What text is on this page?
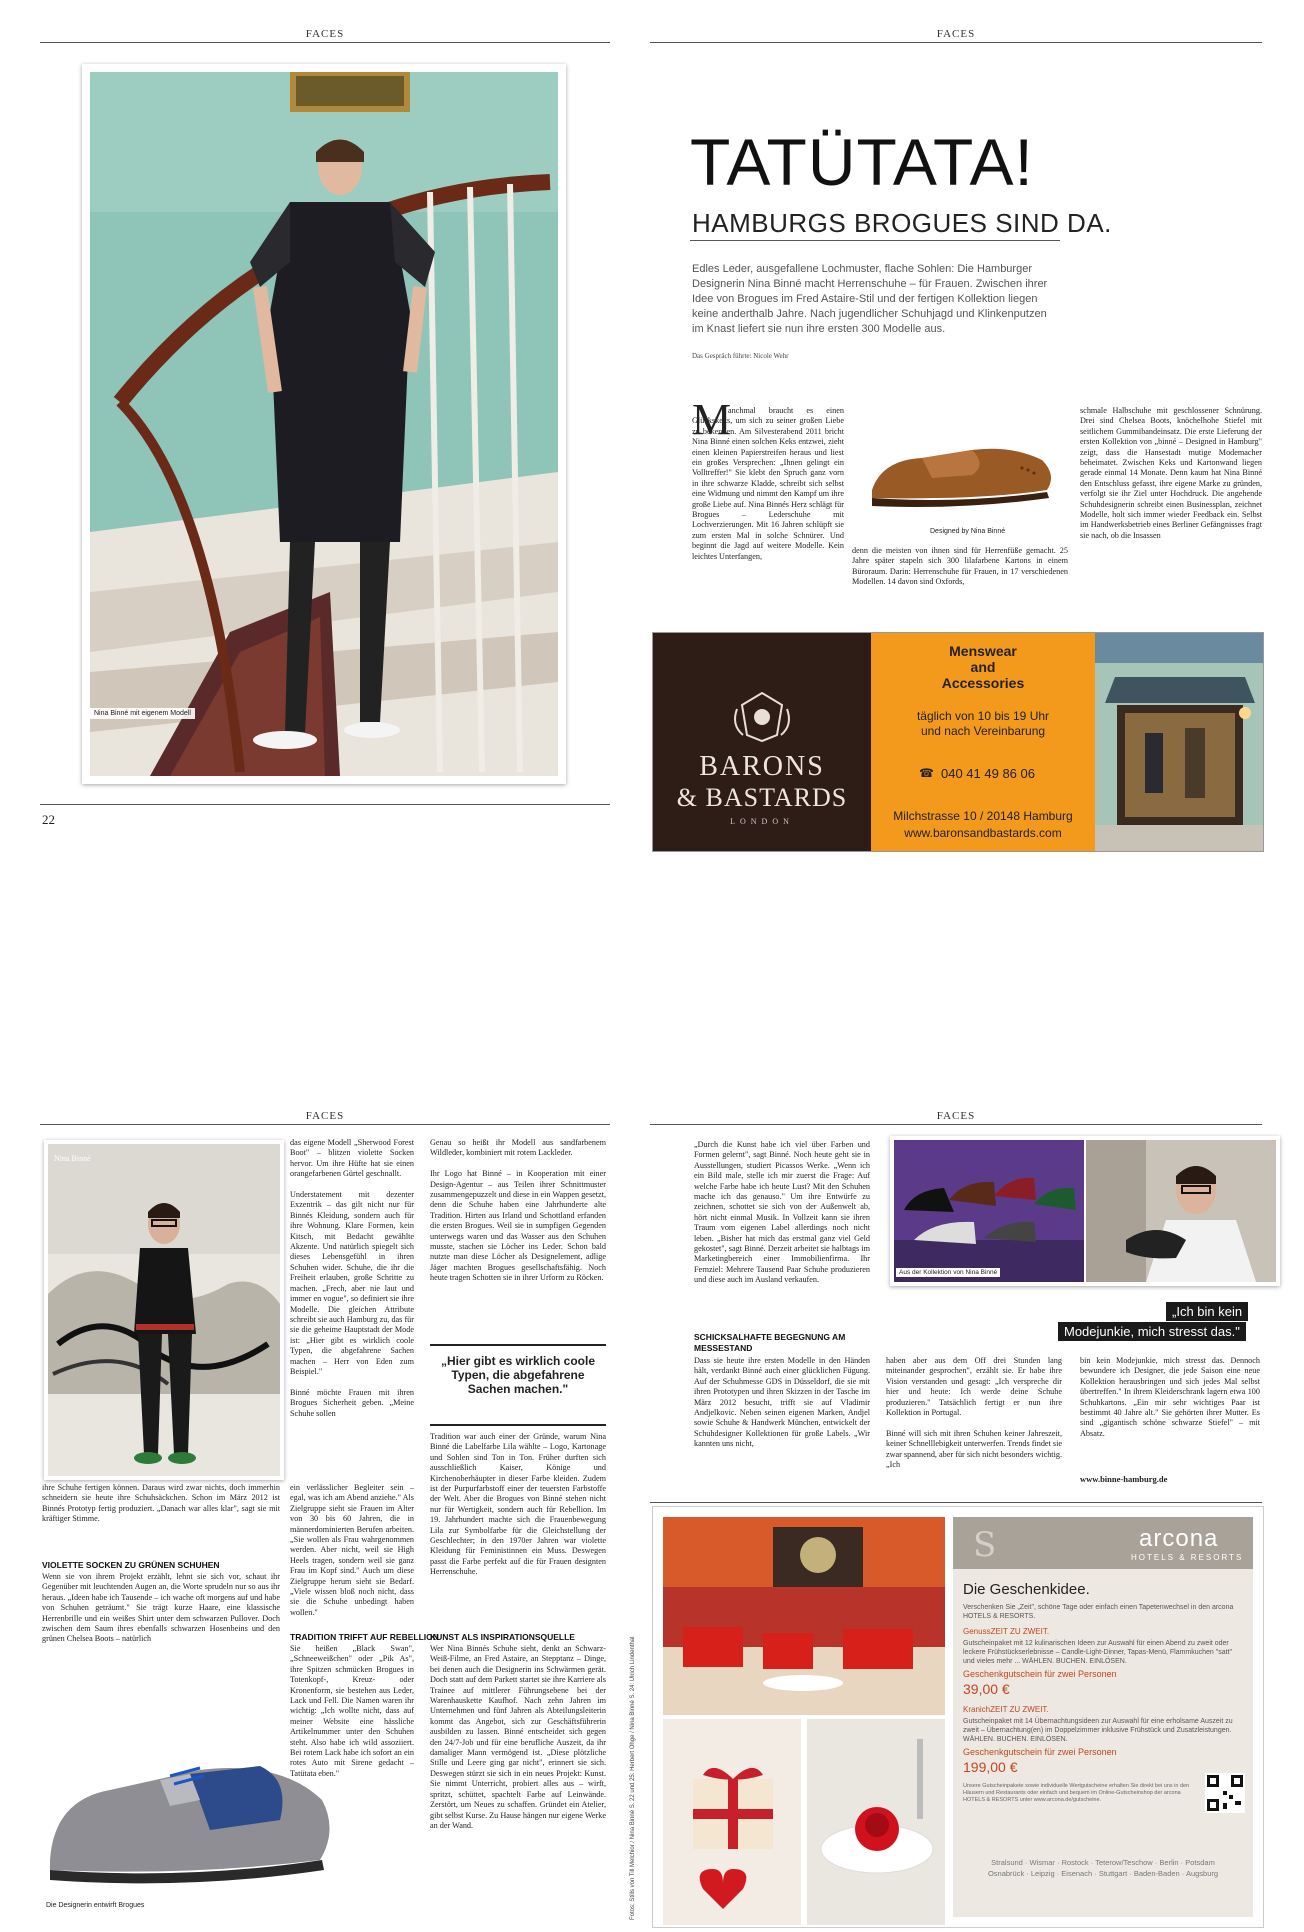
FACES
Nina Binné mit eigenem Modell
22
FACES
TATÜTATA!
HAMBURGS BROGUES SIND DA.
Edles Leder, ausgefallene Lochmuster, flache Sohlen: Die Hamburger Designerin Nina Binné macht Herrenschuhe – für Frauen. Zwischen ihrer Idee von Brogues im Fred Astaire-Stil und der fertigen Kollektion liegen keine anderthalb Jahre. Nach jugendlicher Schuhjagd und Klinkenputzen im Knast liefert sie nun ihre ersten 300 Modelle aus.
Das Gespräch führte: Nicole Wehr
M
anchmal braucht es einen Glückskeks, um sich zu seiner großen Liebe zu bekennen. Am Silvesterabend 2011 bricht Nina Binné einen solchen Keks entzwei, zieht einen kleinen Papierstreifen heraus und liest ein großes Versprechen: „Ihnen gelingt ein Volltreffer!" Sie klebt den Spruch ganz vorn in ihre schwarze Kladde, schreibt sich selbst eine Widmung und nimmt den Kampf um ihre große Liebe auf. Nina Binnés Herz schlägt für Brogues – Lederschuhe mit Lochverzierungen. Mit 16 Jahren schlüpft sie zum ersten Mal in solche Schnürer. Und beginnt die Jagd auf weitere Modelle. Kein leichtes Unterfangen,
Designed by Nina Binné
denn die meisten von ihnen sind für Herrenfüße gemacht. 25 Jahre später stapeln sich 300 lilafarbene Kartons in einem Büroraum. Darin: Herrenschuhe für Frauen, in 17 verschiedenen Modellen. 14 davon sind Oxfords,
schmale Halbschuhe mit geschlossener Schnürung. Drei sind Chelsea Boots, knöchelhohe Stiefel mit seitlichem Gummibandeinsatz. Die erste Lieferung der ersten Kollektion von „binné – Designed in Hamburg" zeigt, dass die Hansestadt mutige Modemacher beheimatet. Zwischen Keks und Kartonwand liegen gerade einmal 14 Monate. Denn kaum hat Nina Binné den Entschluss gefasst, ihre eigene Marke zu gründen, verfolgt sie ihr Ziel unter Hochdruck. Die angehende Schuhdesignerin schreibt einen Businessplan, zeichnet Modelle, holt sich immer wieder Feedback ein. Selbst im Handwerksbetrieb eines Berliner Gefängnisses fragt sie nach, ob die Insassen
BARONS
& BASTARDS
LONDON
Menswear
and
Accessories
täglich von 10 bis 19 Uhr
und nach Vereinbarung
☎ 040 41 49 86 06
Milchstrasse 10 / 20148 Hamburg
www.baronsandbastards.com
FACES
Nina Binné
das eigene Modell „Sherwood Forest Boot" – blitzen violette Socken hervor. Um ihre Hüfte hat sie einen orangefarbenen Gürtel geschnallt.

Understatement mit dezenter Exzentrik – das gilt nicht nur für Binnés Kleidung, sondern auch für ihre Wohnung. Klare Formen, kein Kitsch, mit Bedacht gewählte Akzente. Und natürlich spiegelt sich dieses Lebensgefühl in ihren Schuhen wider. Schuhe, die ihr die Freiheit erlauben, große Schritte zu machen. „Frech, aber nie laut und immer en vogue", so definiert sie ihre Modelle. Die gleichen Attribute schreibt sie auch Hamburg zu, das für sie die geheime Hauptstadt der Mode ist: „Hier gibt es wirklich coole Typen, die abgefahrene Sachen machen – Herr von Eden zum Beispiel."

Binné möchte Frauen mit ihren Brogues Sicherheit geben. „Meine Schuhe sollen
ihre Schuhe fertigen können. Daraus wird zwar nichts, doch immerhin schneidern sie heute ihre Schuhsäckchen. Schon im März 2012 ist Binnés Prototyp fertig produziert. „Danach war alles klar", sagt sie mit kräftiger Stimme.
VIOLETTE SOCKEN ZU GRÜNEN SCHUHEN
Wenn sie von ihrem Projekt erzählt, lehnt sie sich vor, schaut ihr Gegenüber mit leuchtenden Augen an, die Worte sprudeln nur so aus ihr heraus. „Ideen habe ich Tausende – ich wache oft morgens auf und habe von Schuhen geträumt." Sie trägt kurze Haare, eine klassische Herrenbrille und ein weißes Shirt unter dem schwarzen Pullover. Doch zwischen dem Saum ihres ebenfalls schwarzen Hosenbeins und den grünen Chelsea Boots – natürlich
ein verlässlicher Begleiter sein – egal, was ich am Abend anziehe." Als Zielgruppe sieht sie Frauen im Alter von 30 bis 60 Jahren, die in männerdominierten Berufen arbeiten. „Sie wollen als Frau wahrgenommen werden. Aber nicht, weil sie High Heels tragen, sondern weil sie ganz Frau im Kopf sind." Auch um diese Zielgruppe herum sieht sie Bedarf. „Viele wissen bloß noch nicht, dass sie die Schuhe unbedingt haben wollen."
TRADITION TRIFFT AUF REBELLION
Sie heißen „Black Swan", „Schneeweißchen" oder „Pik As", ihre Spitzen schmücken Brogues in Totenkopf-, Kreuz- oder Kronenform, sie bestehen aus Leder, Lack und Fell. Die Namen waren ihr wichtig: „Ich wollte nicht, dass auf meiner Website eine hässliche Artikelnummer unter den Schuhen steht. Also habe ich wild assoziiert. Bei rotem Lack habe ich sofort an ein rotes Auto mit Sirene gedacht – Tatütata eben."
Die Designerin entwirft Brogues
Genau so heißt ihr Modell aus sandfarbenem Wildleder, kombiniert mit rotem Lackleder.

Ihr Logo hat Binné – in Kooperation mit einer Design-Agentur – aus Teilen ihrer Schnittmuster zusammengepuzzelt und diese in ein Wappen gesetzt, denn die Schuhe haben eine Jahrhunderte alte Tradition. Hirten aus Irland und Schottland erfanden die ersten Brogues. Weil sie in sumpfigen Gegenden unterwegs waren und das Wasser aus den Schuhen musste, stachen sie Löcher ins Leder. Schon bald nutzte man diese Löcher als Designelement, adlige Jäger machten Brogues gesellschaftsfähig. Noch heute tragen Schotten sie in ihrer Urform zu Röcken.
„Hier gibt es wirklich coole Typen, die abgefahrene Sachen machen."
Tradition war auch einer der Gründe, warum Nina Binné die Labelfarbe Lila wählte – Logo, Kartonage und Sohlen sind Ton in Ton. Früher durften sich ausschließlich Kaiser, Könige und Kirchenoberhäupter in dieser Farbe kleiden. Zudem ist der Purpurfarbstoff einer der teuersten Farbstoffe der Welt. Aber die Brogues von Binné stehen nicht nur für Wertigkeit, sondern auch für Rebellion. Im 19. Jahrhundert machte sich die Frauenbewegung Lila zur Symbolfarbe für die Gleichstellung der Geschlechter; in den 1970er Jahren war violette Kleidung für Feministinnen ein Muss. Deswegen passt die Farbe perfekt auf die für Frauen designten Herrenschuhe.
KUNST ALS INSPIRATIONSQUELLE
Wer Nina Binnés Schuhe sieht, denkt an Schwarz-Weiß-Filme, an Fred Astaire, an Stepptanz – Dinge, bei denen auch die Designerin ins Schwärmen gerät. Doch statt auf dem Parkett startet sie ihre Karriere als Trainee auf mittlerer Führungsebene bei der Warenhauskette Kaufhof. Nach zehn Jahren im Unternehmen und fünf Jahren als Abteilungsleiterin kommt das Angebot, sich zur Geschäftsführerin ausbilden zu lassen. Binné entscheidet sich gegen den 24/7-Job und für eine berufliche Auszeit, da ihr damaliger Mann vermögend ist. „Diese plötzliche Stille und Leere ging gar nicht", erinnert sie sich. Deswegen stürzt sie sich in ein neues Projekt: Kunst. Sie nimmt Unterricht, probiert alles aus – wirft, spritzt, schüttet, spachtelt Farbe auf Leinwände. Zerstört, um Neues zu schaffen. Gründet ein Atelier, gibt selbst Kurse. Zu Hause hängen nur eigene Werke an der Wand.	Fotos: Stills von Till Melchior / Nina Binné S. 22 und 25: Herbert Ohge / Nina Binné S. 24: Ulrich Lindenthal
FACES
„Durch die Kunst habe ich viel über Farben und Formen gelernt", sagt Binné. Noch heute geht sie in Ausstellungen, studiert Picassos Werke. „Wenn ich ein Bild male, stelle ich mir zuerst die Frage: Auf welche Farbe habe ich heute Lust? Mit den Schuhen mache ich das genauso." Um ihre Entwürfe zu zeichnen, schottet sie sich von der Außenwelt ab, hört nicht einmal Musik. In Vollzeit kann sie ihren Traum vom eigenen Label allerdings noch nicht leben. „Bisher hat mich das erstmal ganz viel Geld gekostet", sagt Binné. Derzeit arbeitet sie halbtags im Marketingbereich einer Immobilienfirma. Ihr Fernziel: Mehrere Tausend Paar Schuhe produzieren und diese auch im Ausland verkaufen.
SCHICKSALHAFTE BEGEGNUNG AM MESSESTAND
Dass sie heute ihre ersten Modelle in den Händen hält, verdankt Binné auch einer glücklichen Fügung. Auf der Schuhmesse GDS in Düsseldorf, die sie mit ihren Prototypen und ihren Skizzen in der Tasche im März 2012 besucht, trifft sie auf Vladimir Andjelkovic. Neben seinen eigenen Marken, Andjel sowie Schuhe & Handwerk München, entwickelt der Schuhdesigner Kollektionen für große Labels. „Wir kannten uns nicht,
Aus der Kollektion von Nina Binné
„Ich bin kein
Modejunkie, mich stresst das."
haben aber aus dem Off drei Stunden lang miteinander gesprochen", erzählt sie. Er habe ihre Vision verstanden und gesagt: „Ich verspreche dir hier und heute: Ich werde deine Schuhe produzieren." Tatsächlich fertigt er nun ihre Kollektion in Portugal.

Binné will sich mit ihren Schuhen keiner Jahreszeit, keiner Schnelllebigkeit unterwerfen. Trends findet sie zwar spannend, aber für sich nicht besonders wichtig. „Ich
bin kein Modejunkie, mich stresst das. Dennoch bewundere ich Designer, die jede Saison eine neue Kollektion herausbringen und sich jedes Mal selbst übertreffen." In ihrem Kleiderschrank lagern etwa 100 Schuhkartons. „Ein mir sehr wichtiges Paar ist bestimmt 40 Jahre alt." Sie gehörten ihrer Mutter. Es sind „gigantisch schöne schwarze Stiefel" – mit Absatz.
www.binne-hamburg.de
Ѕ	arcona
HOTELS & RESORTS
Die Geschenkidee.
Verschenken Sie „Zeit", schöne Tage oder einfach einen Tapetenwechsel in den arcona HOTELS & RESORTS.
GenussZEIT ZU ZWEIT.
Gutscheinpaket mit 12 kulinarischen Ideen zur Auswahl für einen Abend zu zweit oder leckere Frühstückserlebnisse – Candle-Light-Dinner, Tapas-Menü, Flammkuchen "satt" und vieles mehr ... WÄHLEN. BUCHEN. EINLÖSEN.
Geschenkgutschein für zwei Personen
39,00 €
KranichZEIT ZU ZWEIT.
Gutscheinpaket mit 14 Übernachtungsideen zur Auswahl für eine erholsame Auszeit zu zweit – Übernachtung(en) im Doppelzimmer inklusive Frühstück und Zusatzleistungen. WÄHLEN. BUCHEN. EINLÖSEN.
Geschenkgutschein für zwei Personen
199,00 €
Unsere Gutscheinpakete sowie individuelle Wertgutscheine erhalten Sie direkt bei uns in den Häusern und Restaurants oder einfach und bequem im Online-Gutscheinshop der arcona HOTELS & RESORTS unter www.arcona.de/gutscheine.
Stralsund · Wismar · Rostock · Teterow/Teschow · Berlin · Potsdam
Osnabrück · Leipzig · Eisenach · Stuttgart · Baden-Baden · Augsburg
